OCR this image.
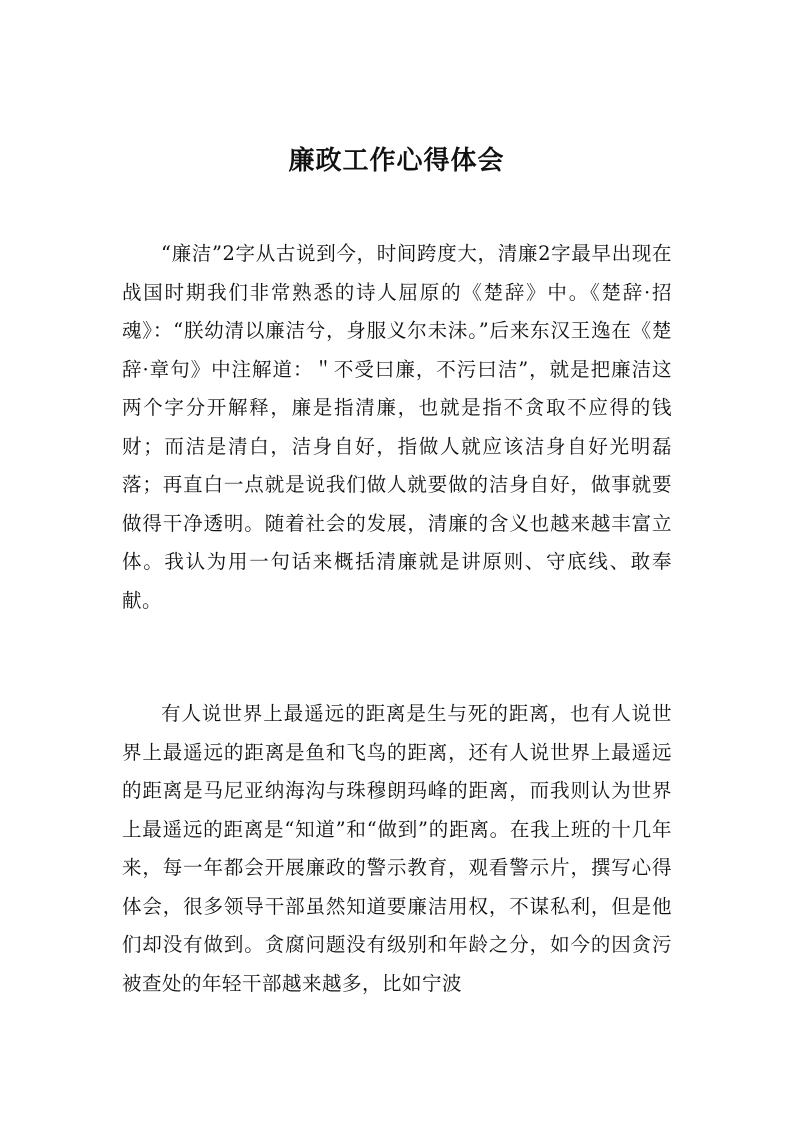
廉政工作心得体会

“廉洁”2字从古说到今，时间跨度大，清廉2字最早出现在战国时期我们非常熟悉的诗人屈原的《楚辞》中。《楚辞·招魂》：“朕幼清以廉洁兮，身服义尔未沬。”后来东汉王逸在《楚辞·章句》中注解道：＂不受曰廉，不污曰洁”，就是把廉洁这两个字分开解释，廉是指清廉，也就是指不贪取不应得的钱财；而洁是清白，洁身自好，指做人就应该洁身自好光明磊落；再直白一点就是说我们做人就要做的洁身自好，做事就要做得干净透明。随着社会的发展，清廉的含义也越来越丰富立体。我认为用一句话来概括清廉就是讲原则、守底线、敢奉献。

有人说世界上最遥远的距离是生与死的距离，也有人说世界上最遥远的距离是鱼和飞鸟的距离，还有人说世界上最遥远的距离是马尼亚纳海沟与珠穆朗玛峰的距离，而我则认为世界上最遥远的距离是“知道”和“做到”的距离。在我上班的十几年来，每一年都会开展廉政的警示教育，观看警示片，撰写心得体会，很多领导干部虽然知道要廉洁用权，不谋私利，但是他们却没有做到。贪腐问题没有级别和年龄之分，如今的因贪污被查处的年轻干部越来越多，比如宁波
